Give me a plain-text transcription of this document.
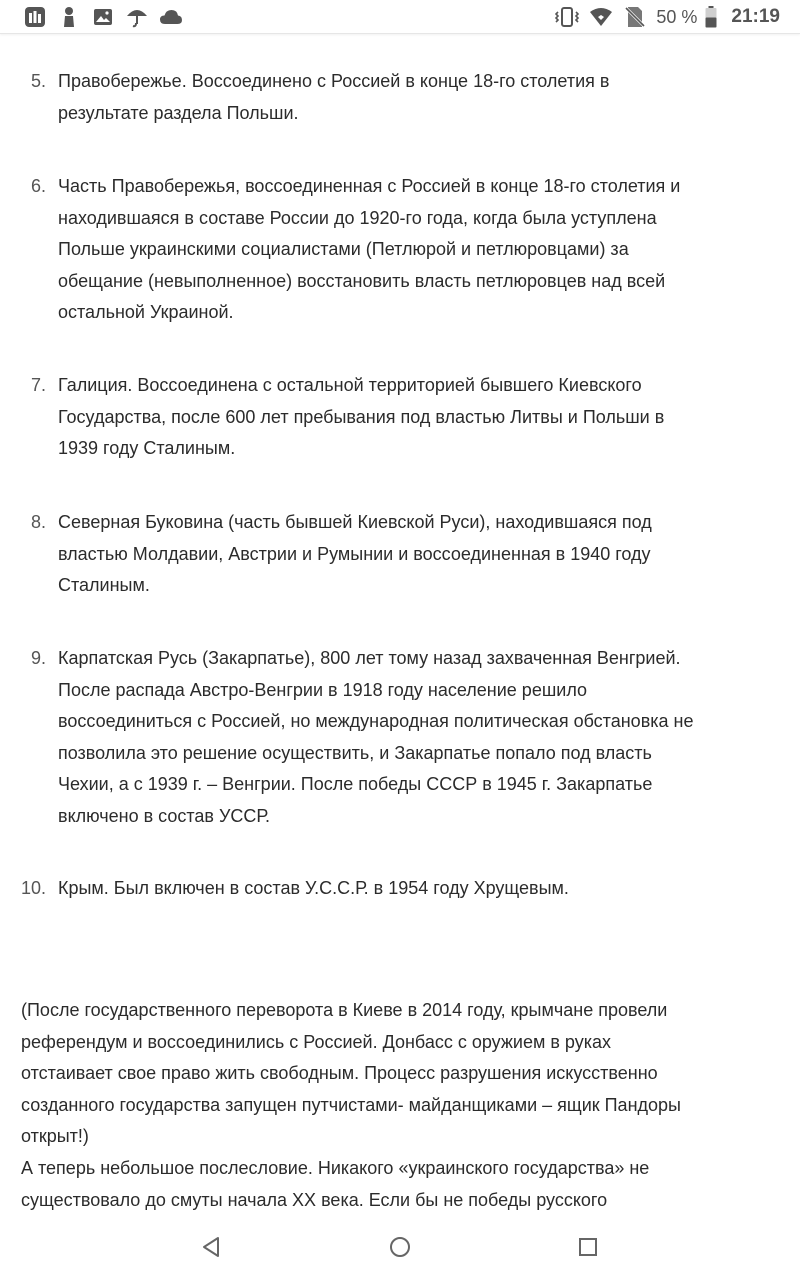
50 % 21:19
5. Правобережье. Воссоединено с Россией в конце 18-го столетия в результате раздела Польши.
6. Часть Правобережья, воссоединенная с Россией в конце 18-го столетия и находившаяся в составе России до 1920-го года, когда была уступлена Польше украинскими социалистами (Петлюрой и петлюровцами) за обещание (невыполненное) восстановить власть петлюровцев над всей остальной Украиной.
7. Галиция. Воссоединена с остальной территорией бывшего Киевского Государства, после 600 лет пребывания под властью Литвы и Польши в 1939 году Сталиным.
8. Северная Буковина (часть бывшей Киевской Руси), находившаяся под властью Молдавии, Австрии и Румынии и воссоединенная в 1940 году Сталиным.
9. Карпатская Русь (Закарпатье), 800 лет тому назад захваченная Венгрией. После распада Австро-Венгрии в 1918 году население решило воссоединиться с Россией, но международная политическая обстановка не позволила это решение осуществить, и Закарпатье попало под власть Чехии, а с 1939 г. – Венгрии. После победы СССР в 1945 г. Закарпатье включено в состав УССР.
10. Крым. Был включен в состав У.С.С.Р. в 1954 году Хрущевым.
(После государственного переворота в Киеве в 2014 году, крымчане провели референдум и воссоединились с Россией. Донбасс с оружием в руках отстаивает свое право жить свободным. Процесс разрушения искусственно созданного государства запущен путчистами- майданщиками – ящик Пандоры открыт!)
А теперь небольшое послесловие. Никакого «украинского государства» не существовало до смуты начала XX века. Если бы не победы русского
